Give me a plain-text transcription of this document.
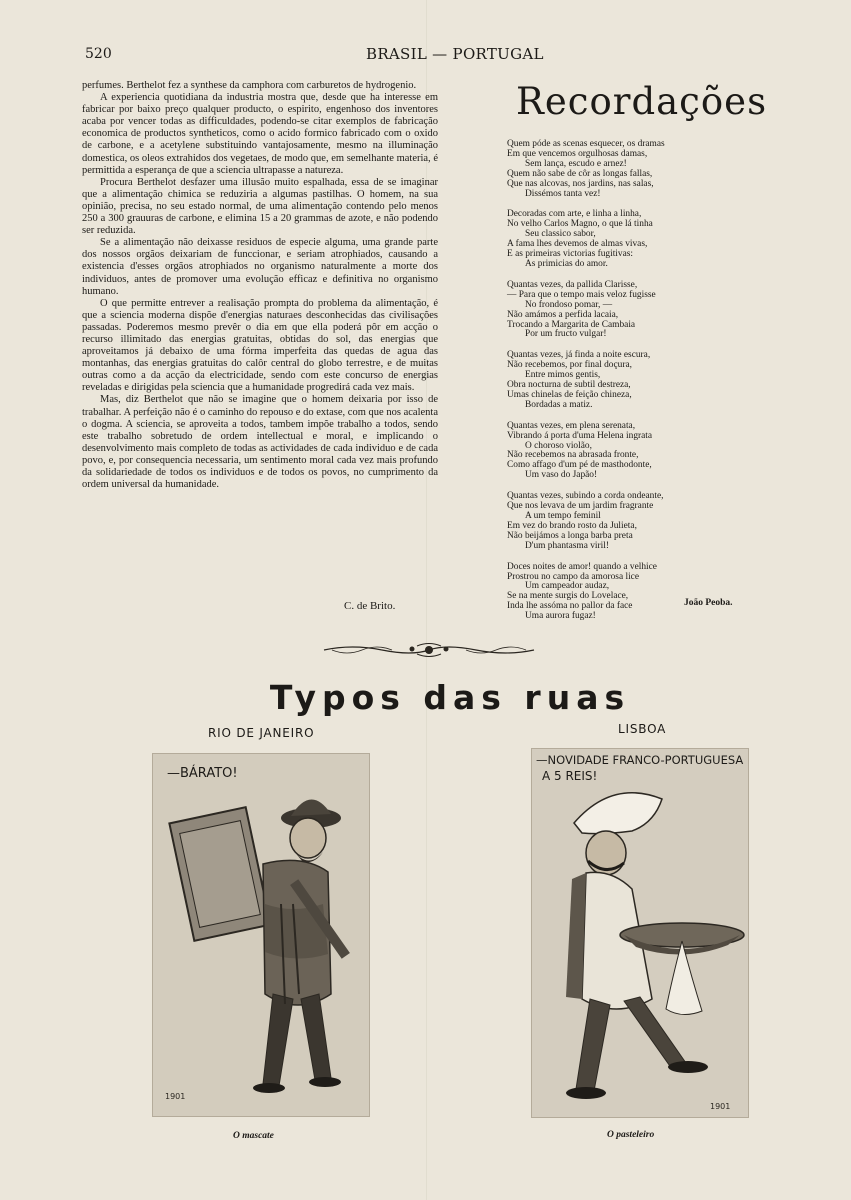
520	BRASIL — PORTUGAL

perfumes. Berthelot fez a synthese da camphora com carburetos de hydrogenio.

A experiencia quotidiana da industria mostra que, desde que ha interesse em fabricar por baixo preço qualquer producto, o espirito, engenhoso dos inventores acaba por vencer todas as difficuldades, podendo-se citar exemplos de fabricação economica de productos syntheticos, como o acido formico fabricado com o oxido de carbone, e a acetylene substituindo vantajosamente, mesmo na illuminação domestica, os oleos extrahidos dos vegetaes, de modo que, em semelhante materia, é permittida a esperança de que a sciencia ultrapasse a natureza.

Procura Berthelot desfazer uma illusão muito espalhada, essa de se imaginar que a alimentação chimica se reduziria a algumas pastilhas. O homem, na sua opinião, precisa, no seu estado normal, de uma alimentação contendo pelo menos 250 a 300 grauuras de carbone, e elimina 15 a 20 grammas de azote, e não podendo ser reduzida.

Se a alimentação não deixasse residuos de especie alguma, uma grande parte dos nossos orgãos deixariam de funccionar, e seriam atrophiados, causando a existencia d'esses orgãos atrophiados no organismo naturalmente a morte dos individuos, antes de promover uma evolução efficaz e definitiva no organismo humano.

O que permitte entrever a realisação prompta do problema da alimentação, é que a sciencia moderna dispõe d'energias naturaes desconhecidas das civilisações passadas. Poderemos mesmo prevêr o dia em que ella poderá pôr em acção o recurso illimitado das energias gratuitas, obtidas do sol, das energias que aproveitamos já debaixo de uma fórma imperfeita das quedas de agua das montanhas, das energias gratuitas do calôr central do globo terrestre, e de muitas outras como a da acção da electricidade, sendo com este concurso de energias reveladas e dirigidas pela sciencia que a humanidade progredirá cada vez mais.

Mas, diz Berthelot que não se imagine que o homem deixaria por isso de trabalhar. A perfeição não é o caminho do repouso e do extase, com que nos acalenta o dogma. A sciencia, se aproveita a todos, tambem impõe trabalho a todos, sendo este trabalho sobretudo de ordem intellectual e moral, e implicando o desenvolvimento mais completo de todas as actividades de cada individuo e de cada povo, e, por consequencia necessaria, um sentimento moral cada vez mais profundo da solidariedade de todos os individuos e de todos os povos, no cumprimento da ordem universal da humanidade.

C. de Brito.
Recordações
Quem póde as scenas esquecer, os dramas
Em que vencemos orgulhosas damas,
Sem lança, escudo e arnez!
Quem não sabe de côr as longas fallas,
Que nas alcovas, nos jardins, nas salas,
Dissémos tanta vez!
Decoradas com arte, e linha a linha,
No velho Carlos Magno, o que lá tinha
Seu classico sabor,
A fama lhes devemos de almas vivas,
E as primeiras victorias fugitivas:
As primicias do amor.
Quantas vezes, da pallida Clarisse,
— Para que o tempo mais veloz fugisse
No frondoso pomar, —
Não amámos a perfida lacaia,
Trocando a Margarita de Cambaia
Por um fructo vulgar!
Quantas vezes, já finda a noite escura,
Não recebemos, por final doçura,
Entre mimos gentis,
Obra nocturna de subtil destreza,
Umas chinelas de feição chineza,
Bordadas a matiz.
Quantas vezes, em plena serenata,
Vibrando á porta d'uma Helena ingrata
O choroso violão,
Não recebemos na abrasada fronte,
Como affago d'um pé de masthodonte,
Um vaso do Japão!
Quantas vezes, subindo a corda ondeante,
Que nos levava de um jardim fragrante
A um tempo feminil
Em vez do brando rosto da Julieta,
Não beijámos a longa barba preta
D'um phantasma viril!
Doces noites de amor! quando a velhice
Prostrou no campo da amorosa lice
Um campeador audaz,
Se na mente surgis do Lovelace,
Inda lhe assóma no pallor da face
Uma aurora fugaz!
João Peoba.
Typos das ruas
RIO DE JANEIRO	LISBOA
1901
—BÁRATO!
1901
—NOVIDADE FRANCO-PORTUGUESA
A 5 REIS!
O mascate	O pasteleiro
